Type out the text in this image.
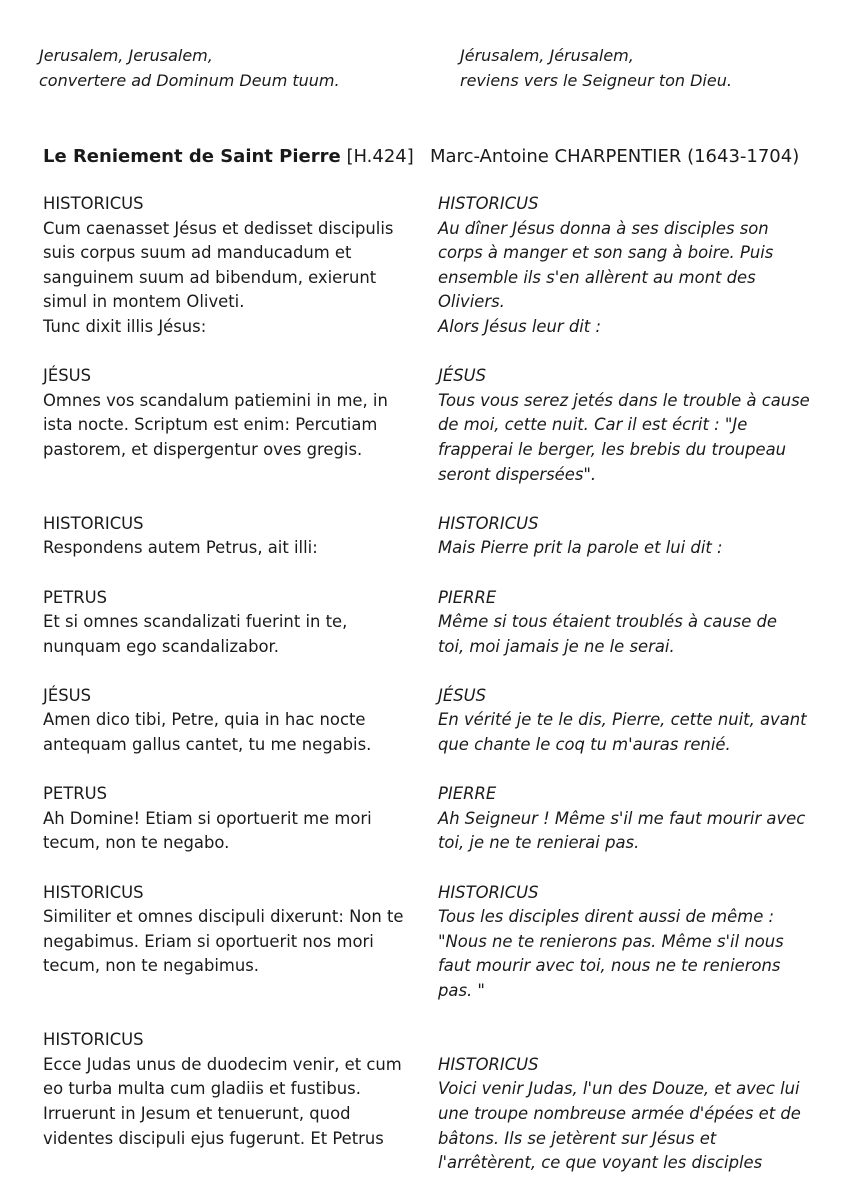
Jerusalem, Jerusalem,

convertere ad Dominum Deum tuum.

Jérusalem, Jérusalem,

reviens vers le Seigneur ton Dieu.

Le Reniement de Saint Pierre [H.424] Marc-Antoine CHARPENTIER (1643-1704)
HISTORICUS
Cum caenasset Jésus et dedisset discipulis
suis corpus suum ad manducadum et
sanguinem suum ad bibendum, exierunt
simul in montem Oliveti.
Tunc dixit illis Jésus:
JÉSUS
Omnes vos scandalum patiemini in me, in
ista nocte. Scriptum est enim: Percutiam
pastorem, et dispergentur oves gregis.
HISTORICUS
Respondens autem Petrus, ait illi:
PETRUS
Et si omnes scandalizati fuerint in te,
nunquam ego scandalizabor.
JÉSUS
Amen dico tibi, Petre, quia in hac nocte
antequam gallus cantet, tu me negabis.
PETRUS
Ah Domine! Etiam si oportuerit me mori
tecum, non te negabo.
HISTORICUS
Similiter et omnes discipuli dixerunt: Non te
negabimus. Eriam si oportuerit nos mori
tecum, non te negabimus.
HISTORICUS
Ecce Judas unus de duodecim venir, et cum
eo turba multa cum gladiis et fustibus.
Irruerunt in Jesum et tenuerunt, quod
videntes discipuli ejus fugerunt. Et Petrus
HISTORICUS
Au dîner Jésus donna à ses disciples son
corps à manger et son sang à boire. Puis
ensemble ils s'en allèrent au mont des
Oliviers.
Alors Jésus leur dit :
JÉSUS
Tous vous serez jetés dans le trouble à cause
de moi, cette nuit. Car il est écrit : "Je
frapperai le berger, les brebis du troupeau
seront dispersées".
HISTORICUS
Mais Pierre prit la parole et lui dit :
PIERRE
Même si tous étaient troublés à cause de
toi, moi jamais je ne le serai.
JÉSUS
En vérité je te le dis, Pierre, cette nuit, avant
que chante le coq tu m'auras renié.
PIERRE
Ah Seigneur ! Même s'il me faut mourir avec
toi, je ne te renierai pas.
HISTORICUS
Tous les disciples dirent aussi de même :
"Nous ne te renierons pas. Même s'il nous
faut mourir avec toi, nous ne te renierons
pas. "
HISTORICUS
Voici venir Judas, l'un des Douze, et avec lui
une troupe nombreuse armée d'épées et de
bâtons. Ils se jetèrent sur Jésus et
l'arrêtèrent, ce que voyant les disciples
